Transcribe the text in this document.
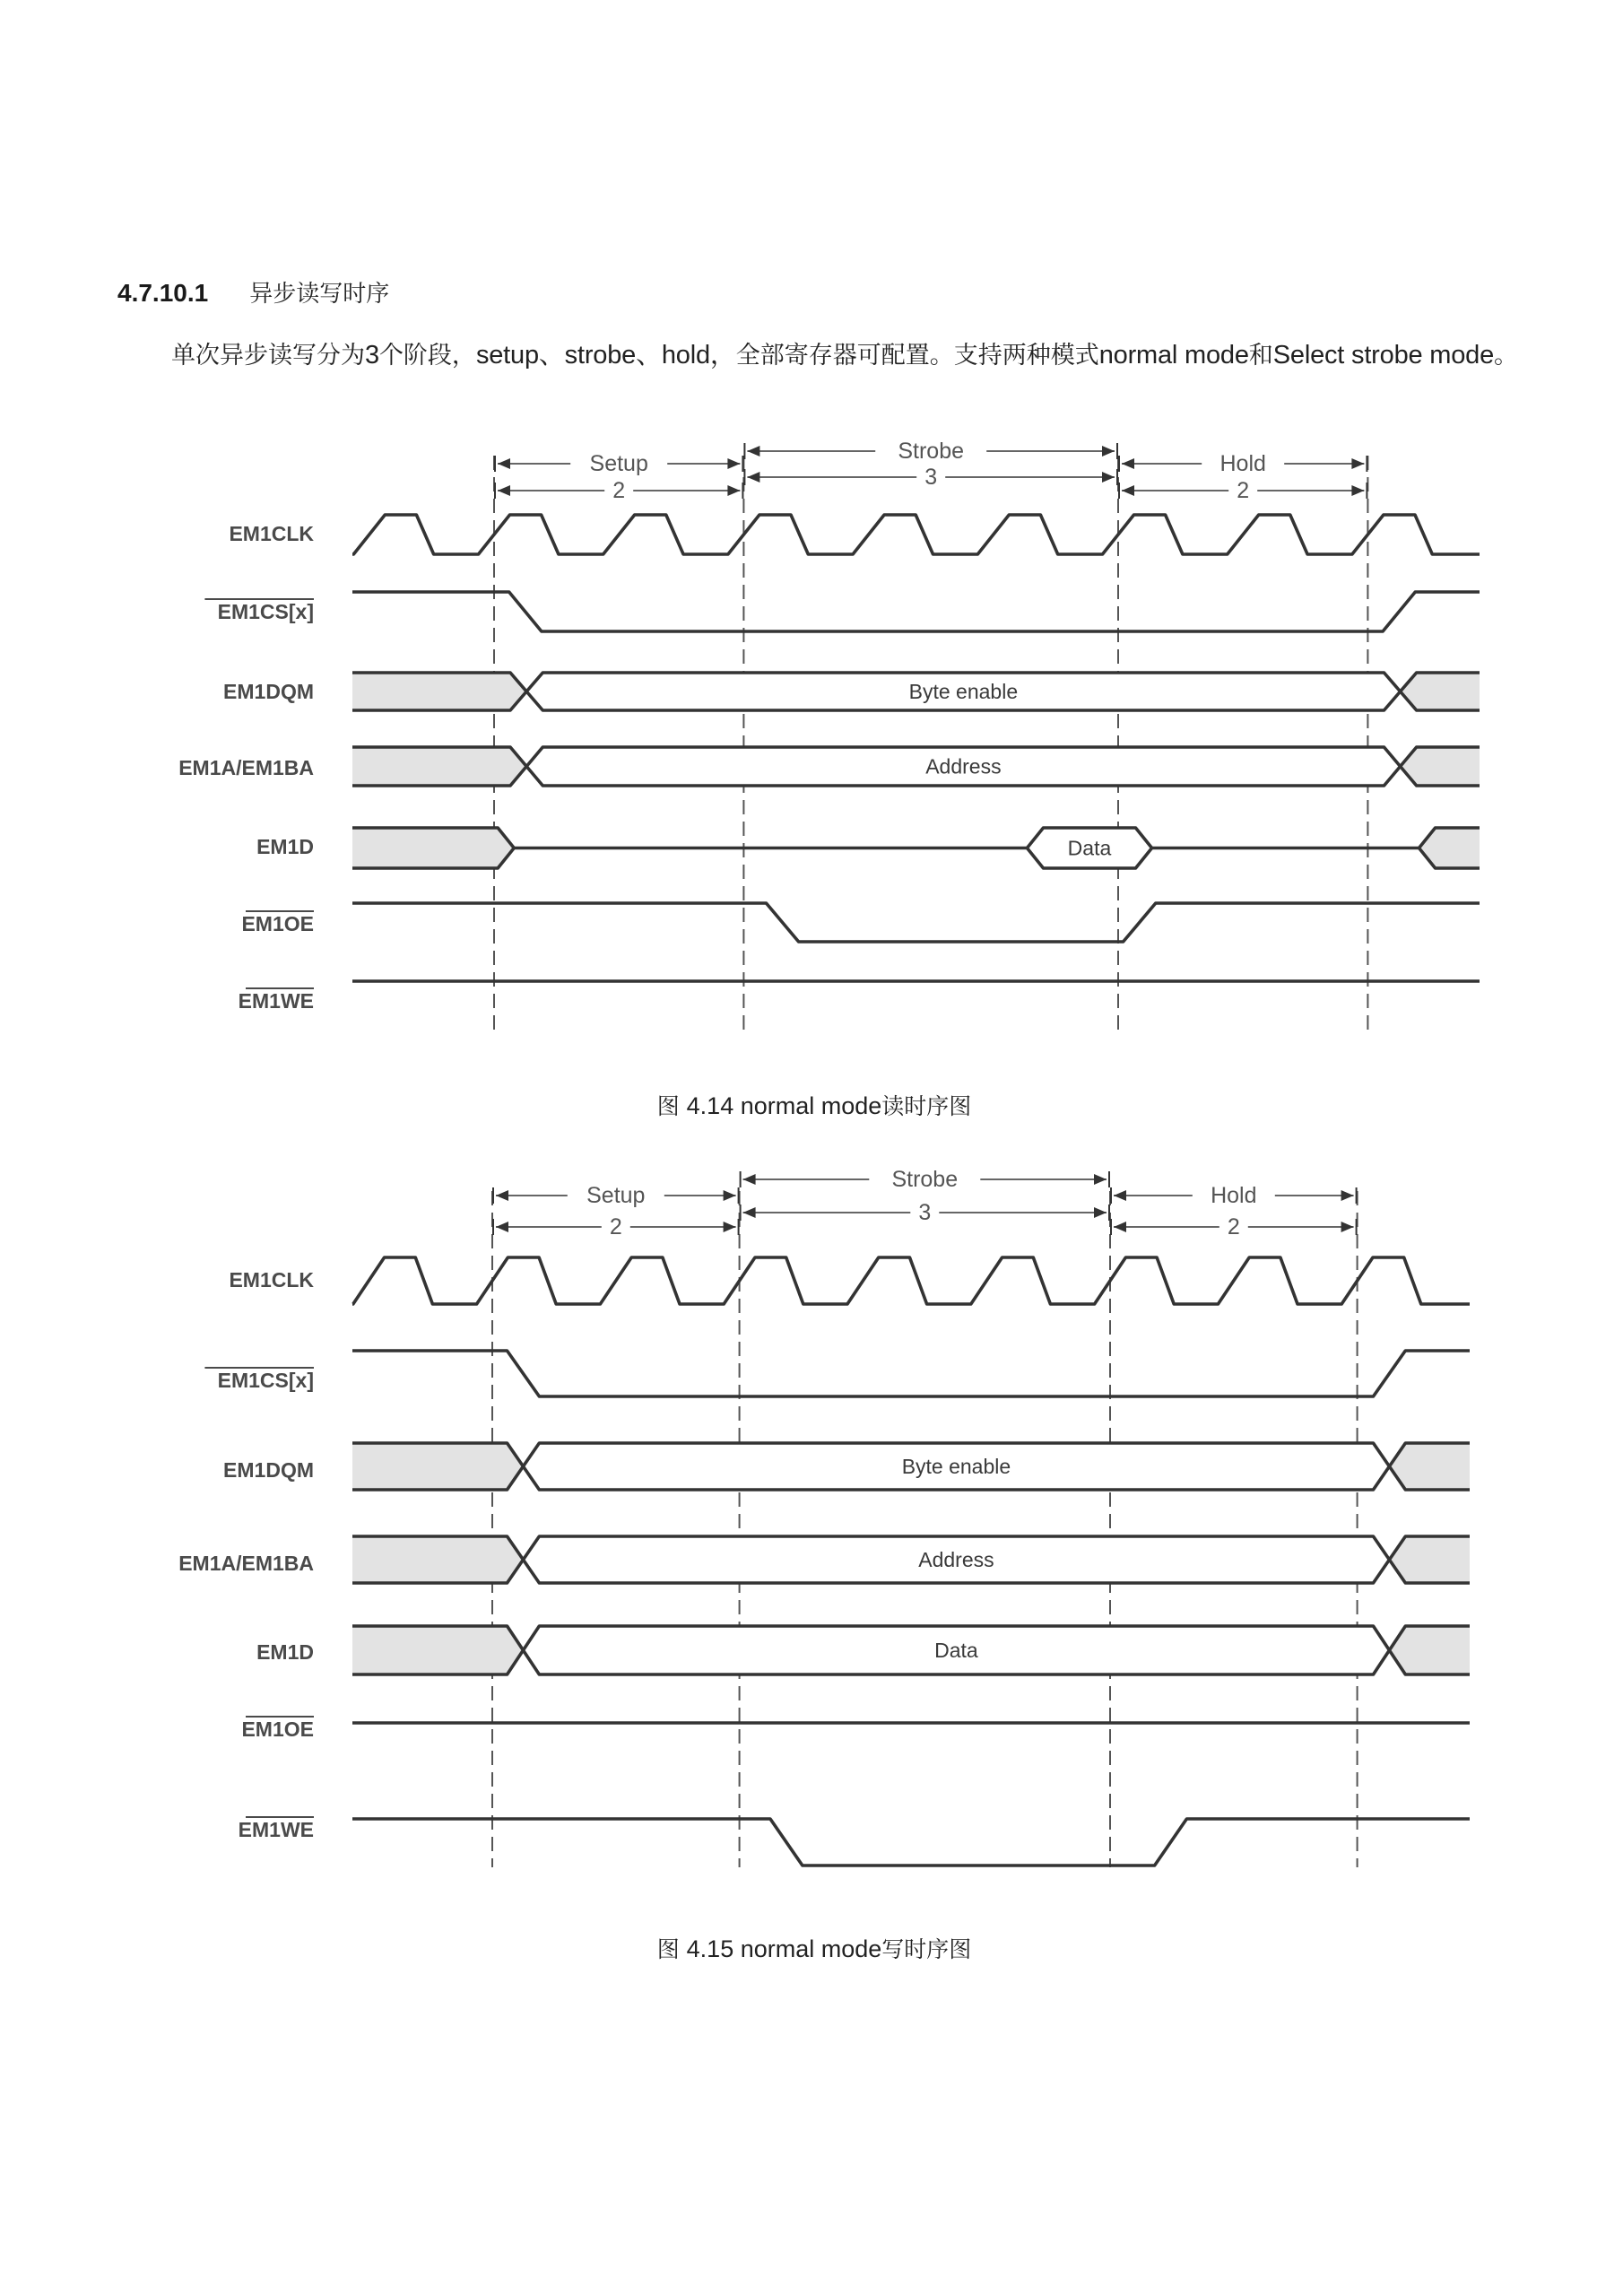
4.7.10.1 异步读写时序
单次异步读写分为3个阶段，setup、strobe、hold，全部寄存器可配置。支持两种模式normal mode和Select strobe mode。
Setup
2
Strobe
3
Hold
2
EM1CLK
EM1CS[x]
EM1DQM	Byte enable
EM1A/EM1BA	Address
EM1D	Data
EM1OE
EM1WE
图 4.14 normal mode读时序图
Setup
2
Strobe
3
Hold
2
EM1CLK
EM1CS[x]
EM1DQM	Byte enable
EM1A/EM1BA	Address
EM1D	Data
EM1OE
EM1WE
图 4.15 normal mode写时序图
